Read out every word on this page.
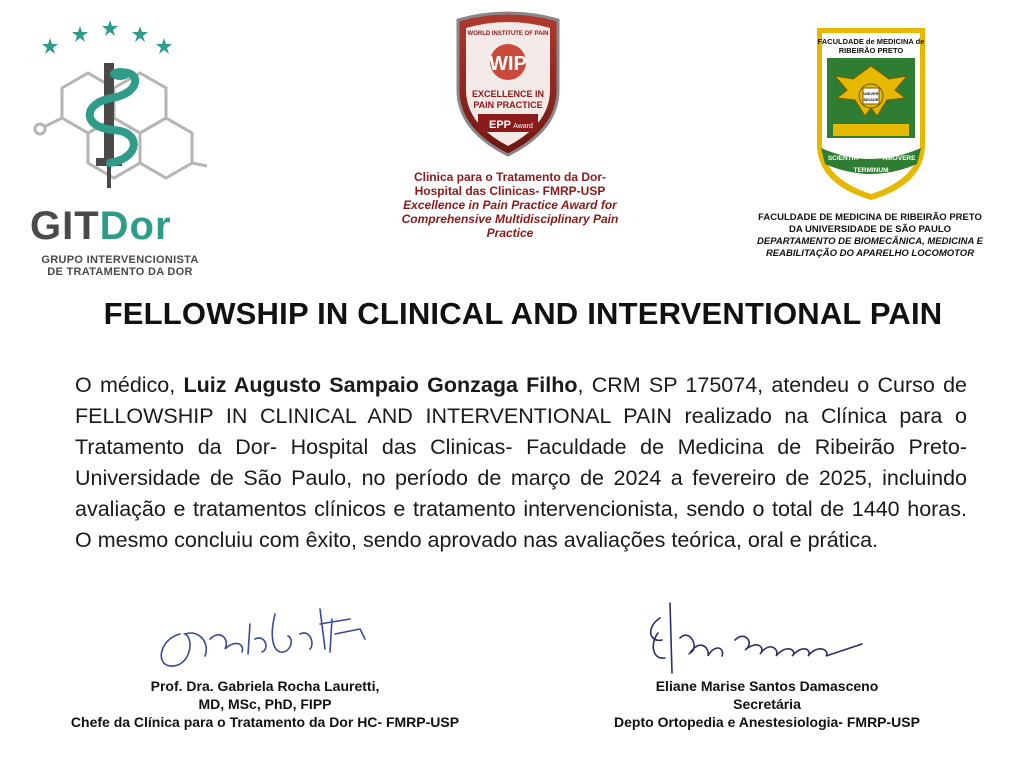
GITDor
GRUPO INTERVENCIONISTA
DE TRATAMENTO DA DOR
WORLD INSTITUTE OF PAIN
WIP
EXCELLENCE IN
PAIN PRACTICE
EPP Award
Clinica para o Tratamento da Dor-
Hospital das Clinicas- FMRP-USP
Excellence in Pain Practice Award for
Comprehensive Multidisciplinary Pain
Practice
FACULDADE de MEDICINA de
RIBEIRÃO PRETO
UNIVER
SIDADE
SCIENTIA	AMOVERE
TERMINUM
FACULDADE DE MEDICINA DE RIBEIRÃO PRETO
DA UNIVERSIDADE DE SÃO PAULO
DEPARTAMENTO DE BIOMECÂNICA, MEDICINA E
REABILITAÇÃO DO APARELHO LOCOMOTOR
FELLOWSHIP IN CLINICAL AND INTERVENTIONAL PAIN
O médico, Luiz Augusto Sampaio Gonzaga Filho, CRM SP 175074, atendeu o Curso de FELLOWSHIP IN CLINICAL AND INTERVENTIONAL PAIN realizado na Clínica para o Tratamento da Dor- Hospital das Clinicas- Faculdade de Medicina de Ribeirão Preto-Universidade de São Paulo, no período de março de 2024 a fevereiro de 2025, incluindo avaliação e tratamentos clínicos e tratamento intervencionista, sendo o total de 1440 horas. O mesmo concluiu com êxito, sendo aprovado nas avaliações teórica, oral e prática.
Prof. Dra. Gabriela Rocha Lauretti,
MD, MSc, PhD, FIPP
Chefe da Clínica para o Tratamento da Dor HC- FMRP-USP
Eliane Marise Santos Damasceno
Secretária
Depto Ortopedia e Anestesiologia- FMRP-USP
